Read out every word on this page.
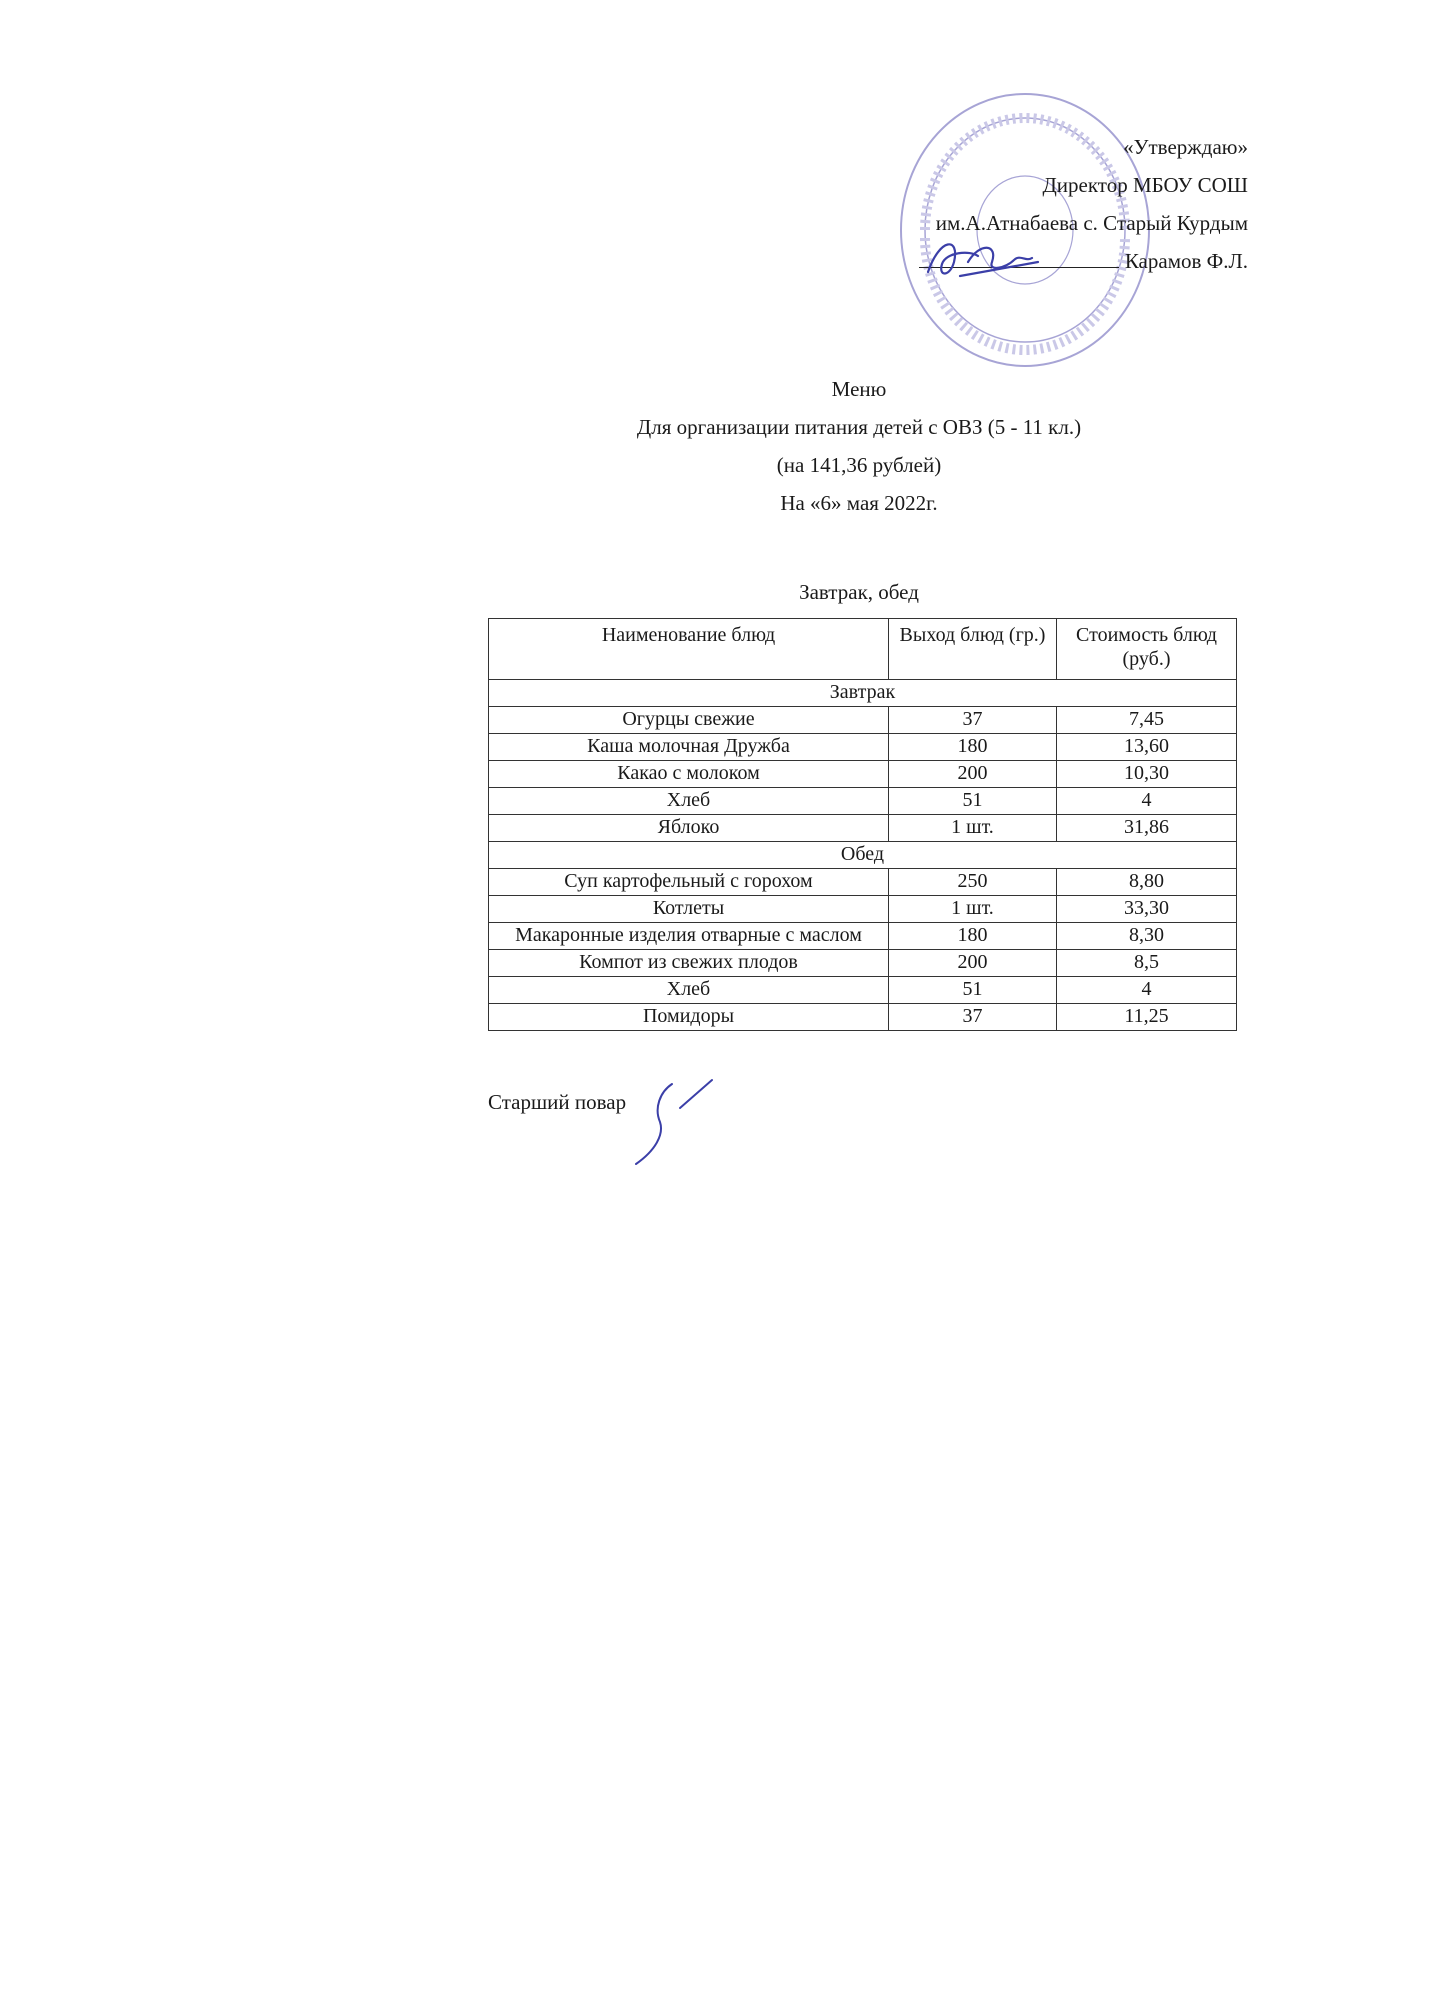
«Утверждаю»
Директор МБОУ СОШ
им.А.Атнабаева с. Старый Курдым
Карамов Ф.Л.
Меню
Для организации питания детей с ОВЗ (5 - 11 кл.)
(на 141,36 рублей)
На «6» мая 2022г.
Завтрак, обед
Наименование блюд	Выход блюд (гр.)	Стоимость блюд (руб.)
Завтрак		
Огурцы свежие	37	7,45
Каша молочная Дружба	180	13,60
Какао с молоком	200	10,30
Хлеб	51	4
Яблоко	1 шт.	31,86
Обед		
Суп картофельный с горохом	250	8,80
Котлеты	1 шт.	33,30
Макаронные изделия отварные с маслом	180	8,30
Компот из свежих плодов	200	8,5
Хлеб	51	4
Помидоры	37	11,25
Старший повар
